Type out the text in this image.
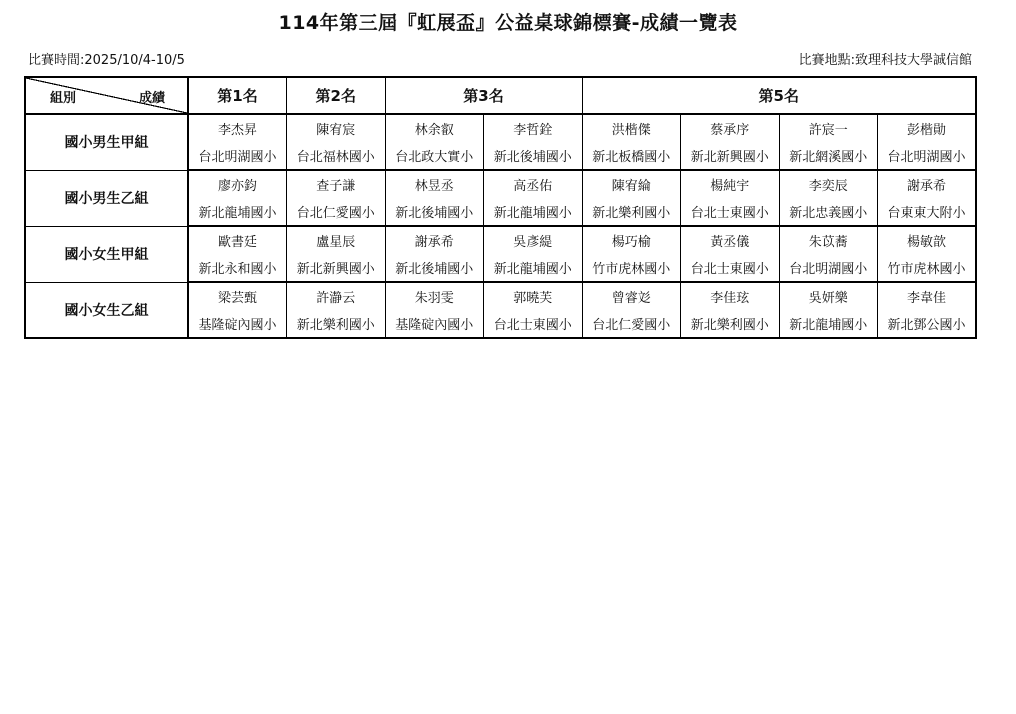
114年第三屆『虹展盃』公益桌球錦標賽-成績一覽表
比賽時間:2025/10/4-10/5	比賽地點:致理科技大學誠信館
組別 成績	第1名	第2名	第3名		第5名			
國小男生甲組	李杰昇	陳宥宸	林余叡	李哲銓	洪楷傑	蔡承序	許宸一	彭楷勛
	台北明湖國小	台北福林國小	台北政大實小	新北後埔國小	新北板橋國小	新北新興國小	新北網溪國小	台北明湖國小
國小男生乙組	廖亦鈞	查子謙	林昱丞	高丞佑	陳宥綸	楊純宇	李奕辰	謝承希
	新北龍埔國小	台北仁愛國小	新北後埔國小	新北龍埔國小	新北樂利國小	台北士東國小	新北忠義國小	台東東大附小
國小女生甲組	歐書廷	盧星辰	謝承希	吳彥緹	楊巧榆	黃丞儀	朱苡蕎	楊敏歆
	新北永和國小	新北新興國小	新北後埔國小	新北龍埔國小	竹市虎林國小	台北士東國小	台北明湖國小	竹市虎林國小
國小女生乙組	梁芸甄	許瀞云	朱羽雯	郭曉芙	曾睿彣	李佳玹	吳妍樂	李韋佳
	基隆碇內國小	新北樂利國小	基隆碇內國小	台北士東國小	台北仁愛國小	新北樂利國小	新北龍埔國小	新北鄧公國小
